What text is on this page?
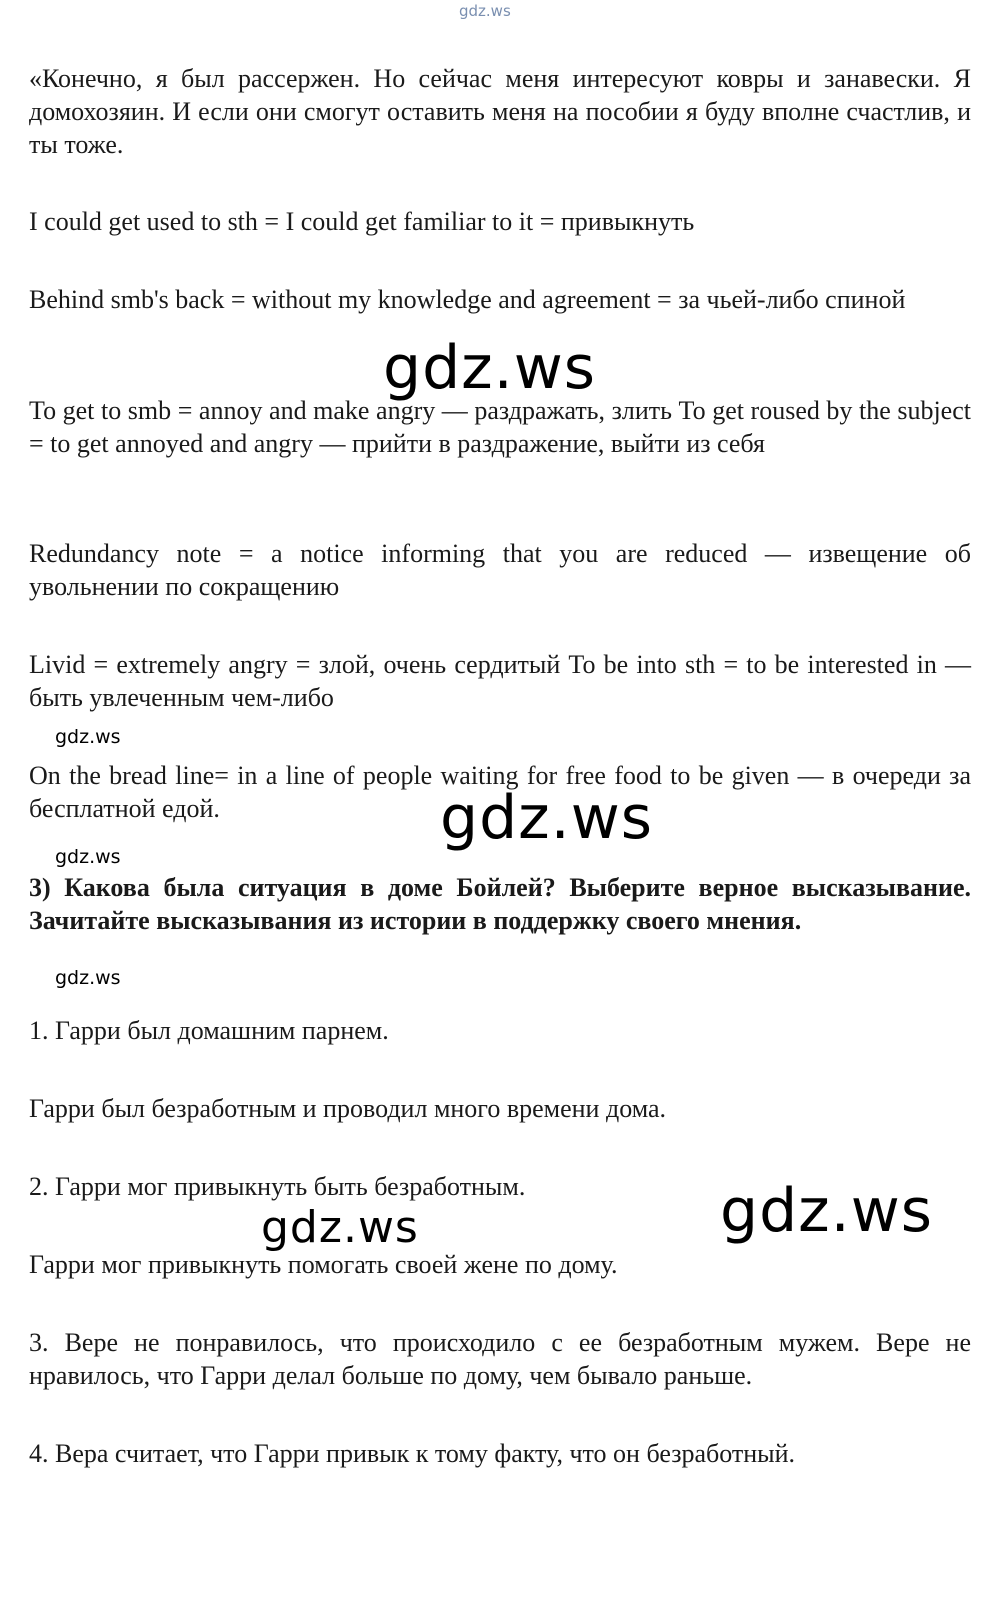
gdz.ws

«Конечно, я был рассержен. Но сейчас меня интересуют ковры и занавески. Я домохозяин. И если они смогут оставить меня на пособии я буду вполне счастлив, и ты тоже.

I could get used to sth = I could get familiar to it = привыкнуть

Behind smb's back = without my knowledge and agreement = за чьей-либо спиной

gdz.ws

To get to smb = annoy and make angry — раздражать, злить To get roused by the subject = to get annoyed and angry — прийти в раздражение, выйти из себя

Redundancy note = a notice informing that you are reduced — извещение об увольнении по сокращению

Livid = extremely angry = злой, очень сердитый To be into sth = to be interested in — быть увлеченным чем-либо

gdz.ws

On the bread line= in a line of people waiting for free food to be given — в очереди за бесплатной едой.	gdz.ws
gdz.ws

3) Какова была ситуация в доме Бойлей? Выберите верное высказывание. Зачитайте высказывания из истории в поддержку своего мнения.

gdz.ws

1. Гарри был домашним парнем.

Гарри был безработным и проводил много времени дома.

2. Гарри мог привыкнуть быть безработным.	gdz.ws
gdz.ws

Гарри мог привыкнуть помогать своей жене по дому.

3. Вере не понравилось, что происходило с ее безработным мужем. Вере не нравилось, что Гарри делал больше по дому, чем бывало раньше.

4. Вера считает, что Гарри привык к тому факту, что он безработный.
